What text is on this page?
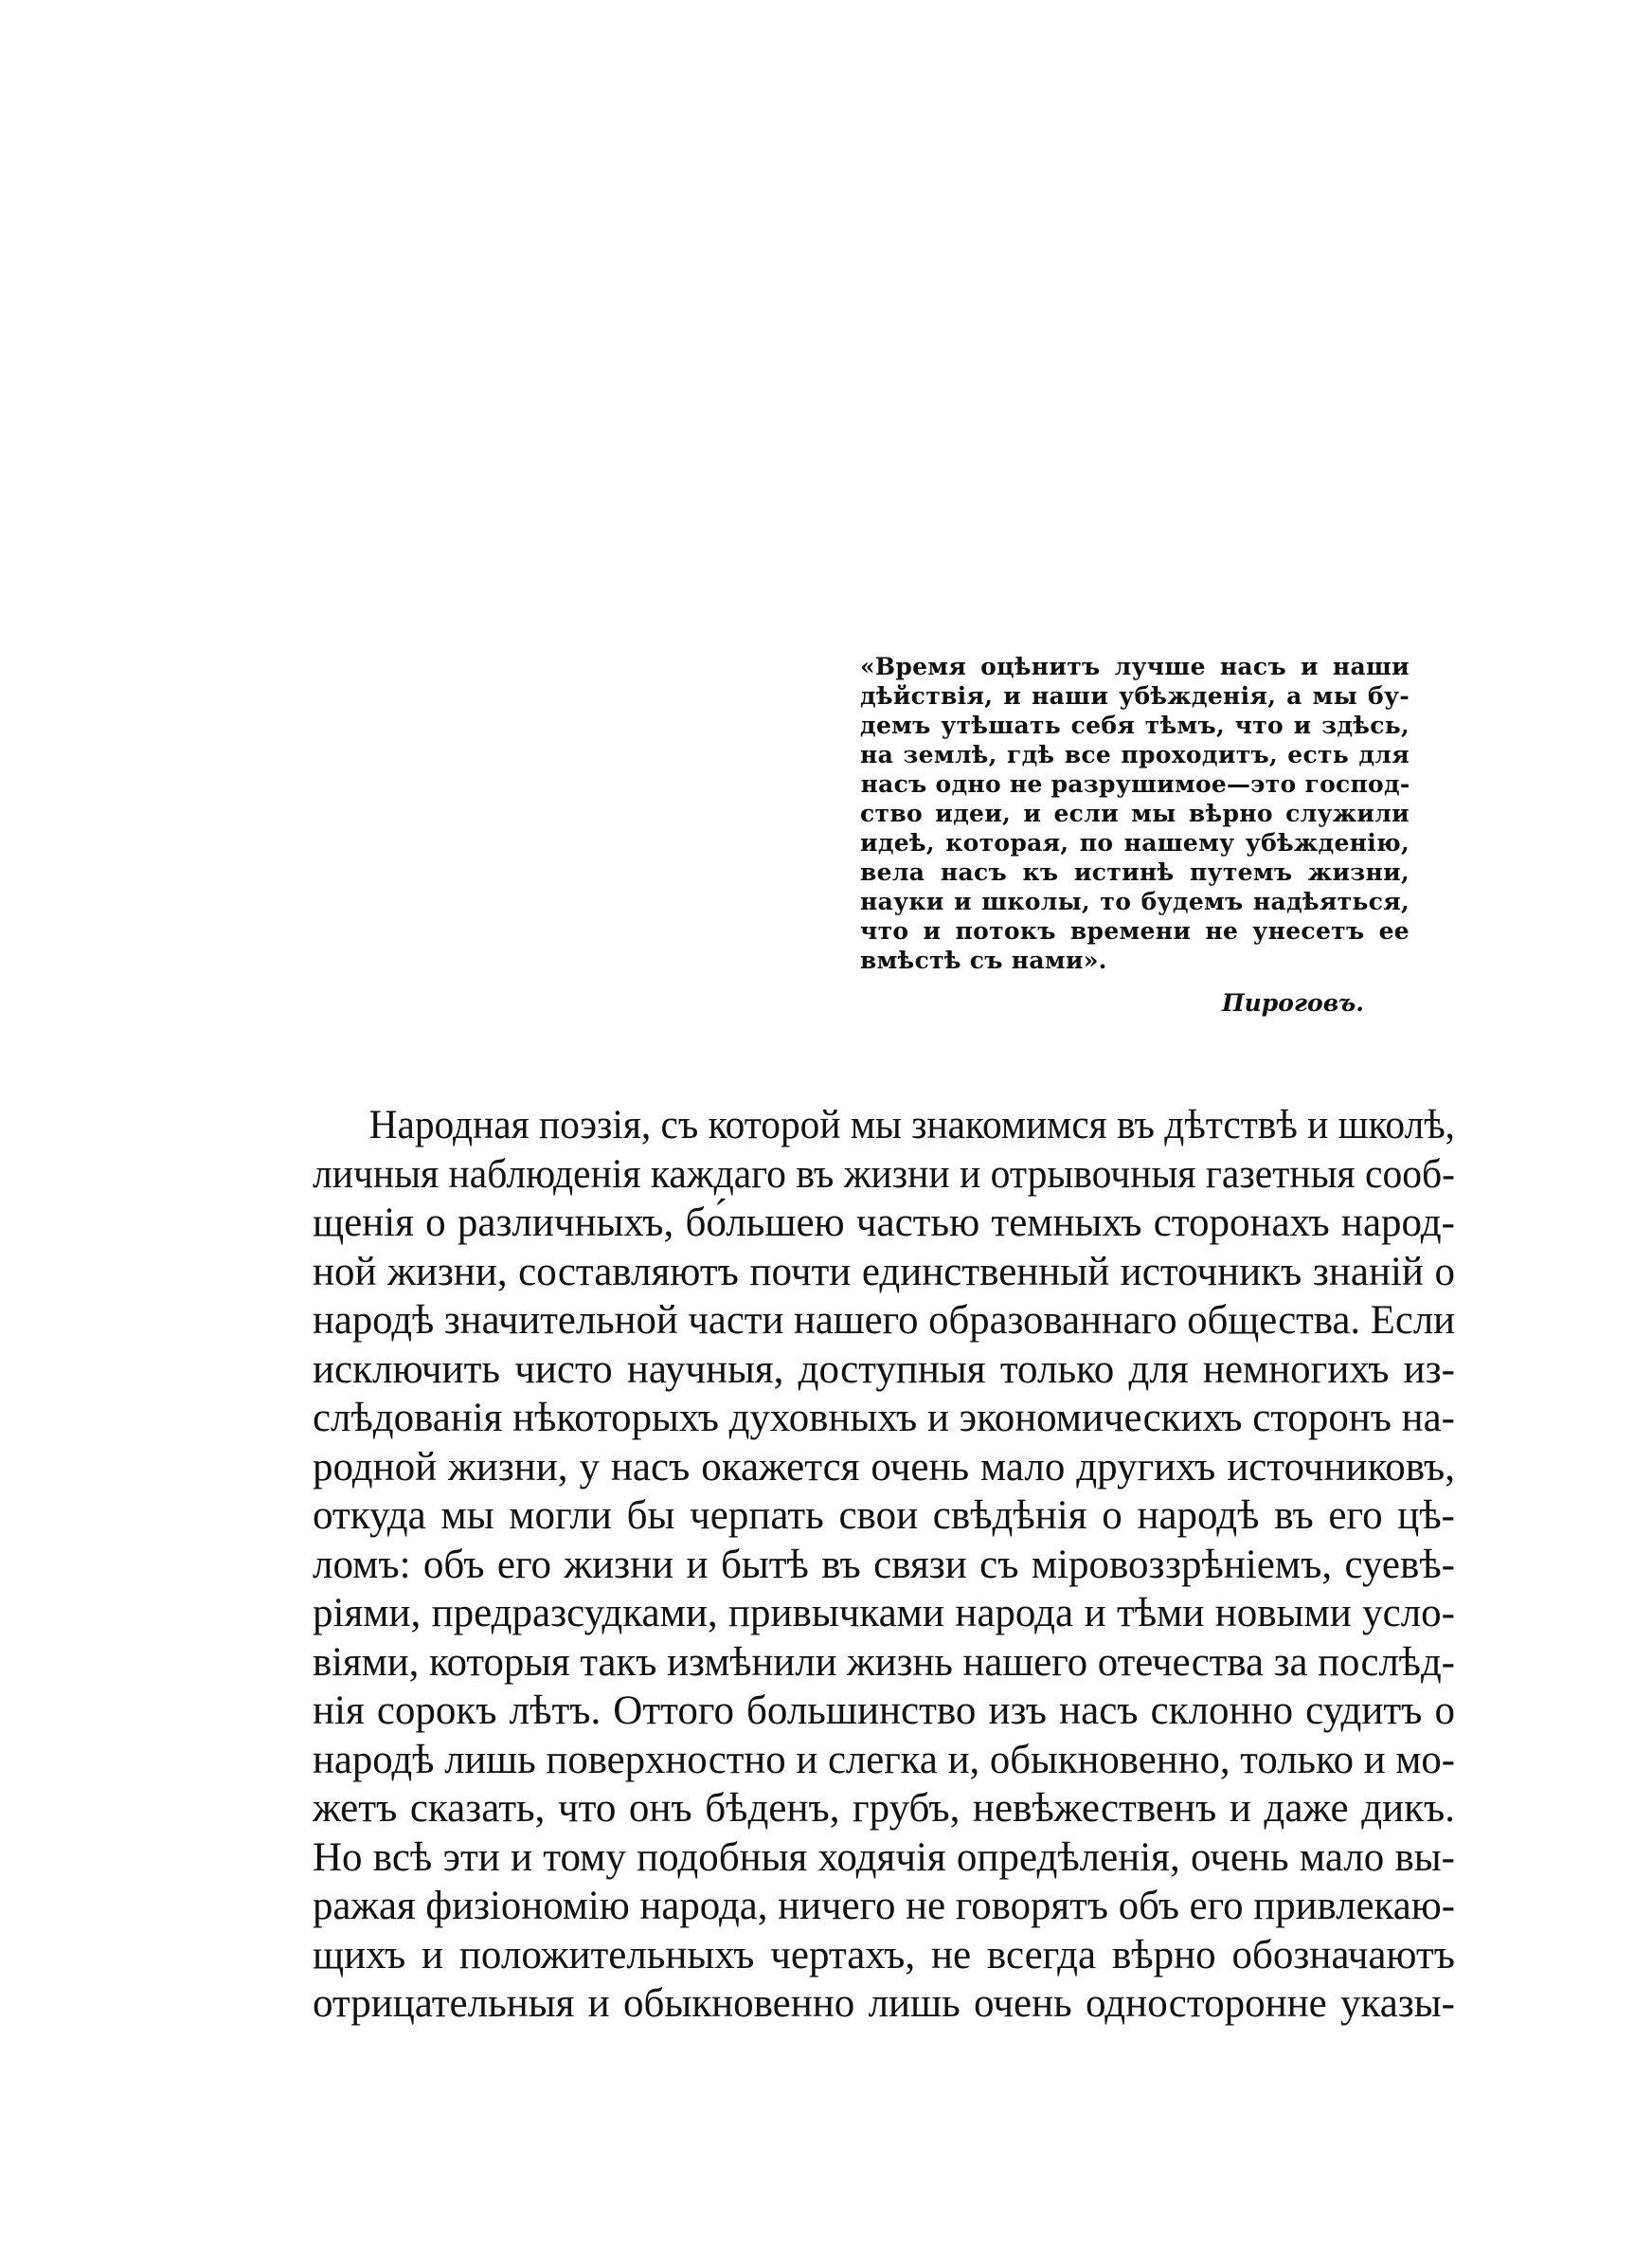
«Время оцѣнитъ лучше насъ и наши
дѣйствія, и наши убѣжденія, а мы бу-
демъ утѣшать себя тѣмъ, что и здѣсь,
на землѣ, гдѣ все проходитъ, есть для
насъ одно не разрушимое—это господ-
ство идеи, и если мы вѣрно служили
идеѣ, которая, по нашему убѣжденію,
вела насъ къ истинѣ путемъ жизни,
науки и школы, то будемъ надѣяться,
что и потокъ времени не унесетъ ее
вмѣстѣ съ нами».
Пироговъ.
Народная поэзія, съ которой мы знакомимся въ дѣтствѣ и школѣ,
личныя наблюденія каждаго въ жизни и отрывочныя газетныя сооб-
щенія о различныхъ, бо́льшею частью темныхъ сторонахъ народ-
ной жизни, составляютъ почти единственный источникъ знаній о
народѣ значительной части нашего образованнаго общества. Если
исключить чисто научныя, доступныя только для немногихъ из-
слѣдованія нѣкоторыхъ духовныхъ и экономическихъ сторонъ на-
родной жизни, у насъ окажется очень мало другихъ источниковъ,
откуда мы могли бы черпать свои свѣдѣнія о народѣ въ его цѣ-
ломъ: объ его жизни и бытѣ въ связи съ міровоззрѣніемъ, суевѣ-
ріями, предразсудками, привычками народа и тѣми новыми усло-
віями, которыя такъ измѣнили жизнь нашего отечества за послѣд-
нія сорокъ лѣтъ. Оттого большинство изъ насъ склонно судитъ о
народѣ лишь поверхностно и слегка и, обыкновенно, только и мо-
жетъ сказать, что онъ бѣденъ, грубъ, невѣжественъ и даже дикъ.
Но всѣ эти и тому подобныя ходячія опредѣленія, очень мало вы-
ражая физіономію народа, ничего не говорятъ объ его привлекаю-
щихъ и положительныхъ чертахъ, не всегда вѣрно обозначаютъ
отрицательныя и обыкновенно лишь очень односторонне указы-
